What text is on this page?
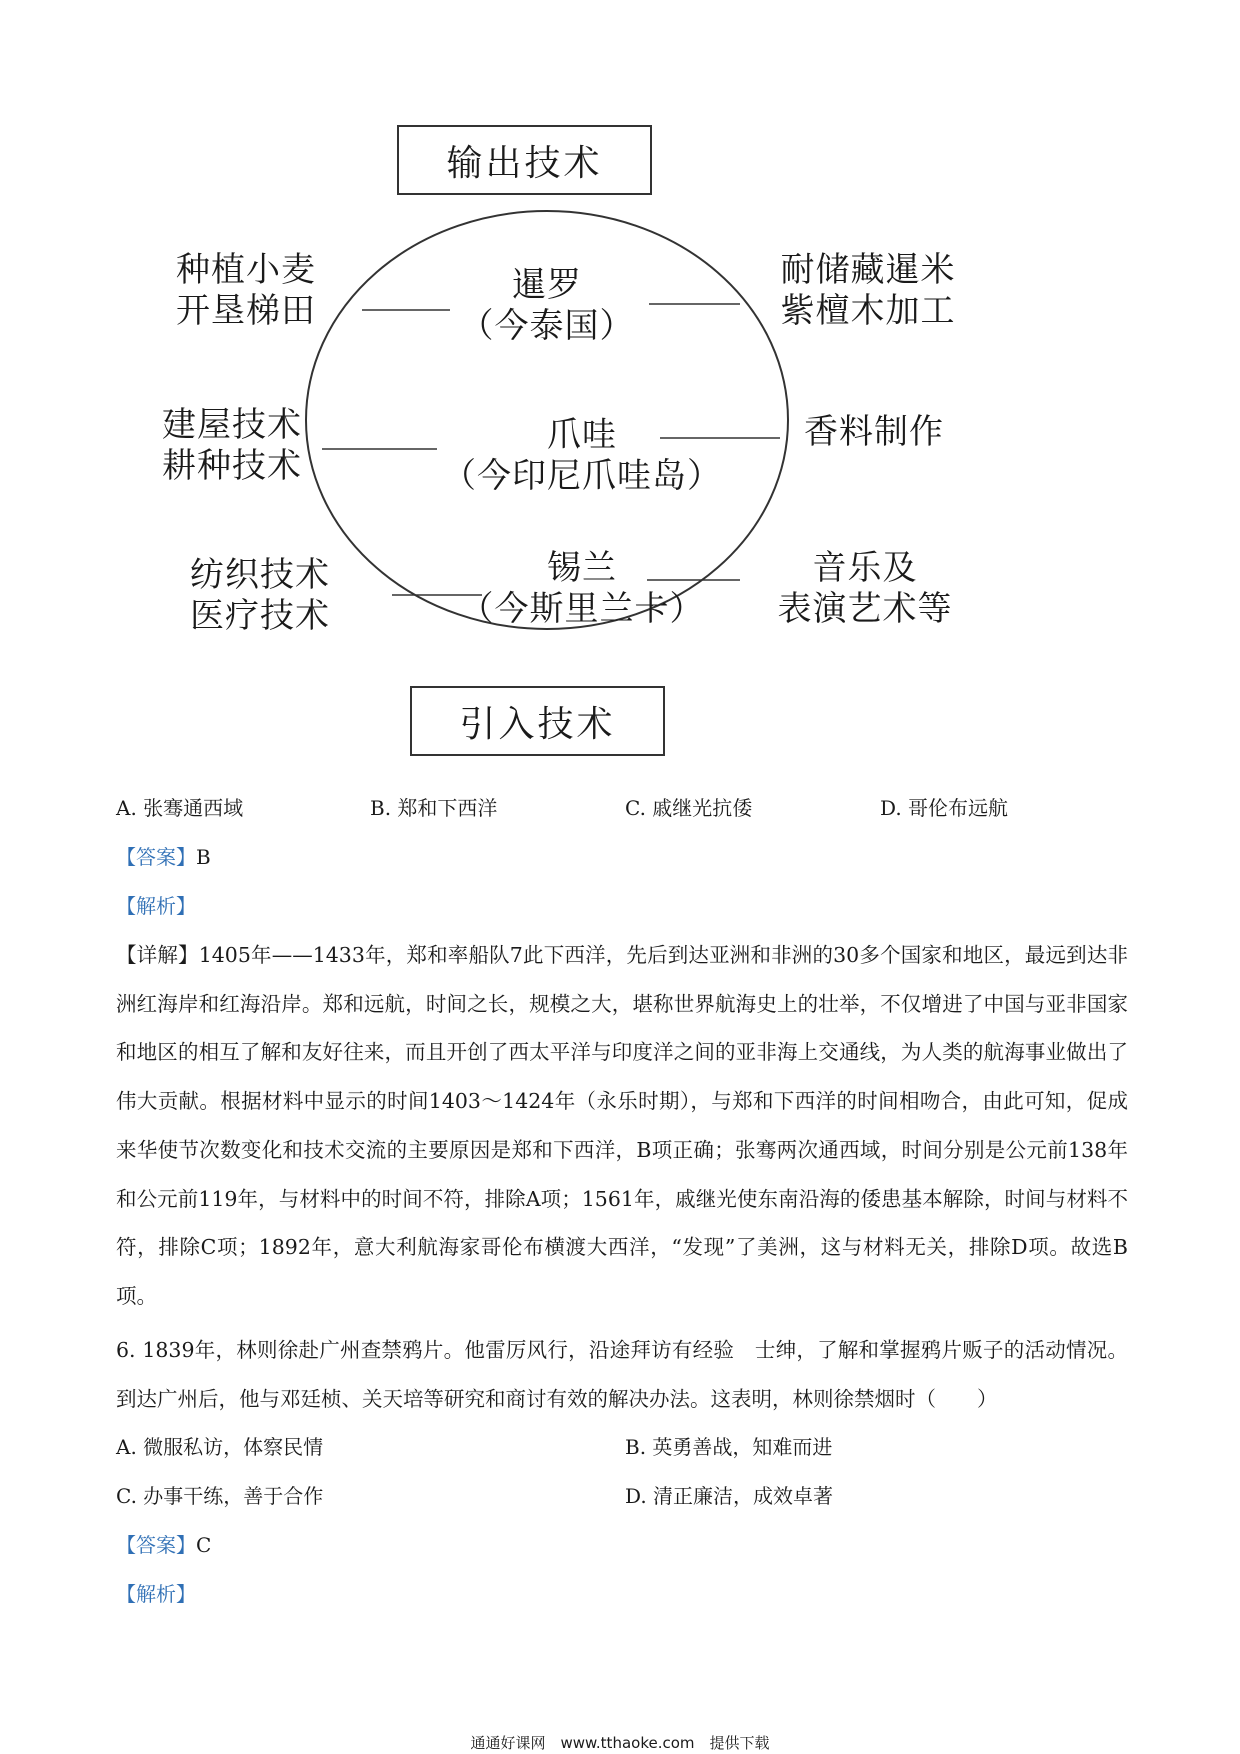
输出技术
引入技术
暹罗
（今泰国）
爪哇
（今印尼爪哇岛）
锡兰
（今斯里兰卡）
种植小麦
开垦梯田
建屋技术
耕种技术
纺织技术
医疗技术
耐储藏暹米
紫檀木加工
香料制作
音乐及
表演艺术等
A. 张骞通西域	B. 郑和下西洋	C. 戚继光抗倭	D. 哥伦布远航
【答案】B
【解析】
【详解】1405年——1433年，郑和率船队7此下西洋，先后到达亚洲和非洲的30多个国家和地区，最远到达非洲红海岸和红海沿岸。郑和远航，时间之长，规模之大，堪称世界航海史上的壮举，不仅增进了中国与亚非国家和地区的相互了解和友好往来，而且开创了西太平洋与印度洋之间的亚非海上交通线，为人类的航海事业做出了伟大贡献。根据材料中显示的时间1403～1424年（永乐时期），与郑和下西洋的时间相吻合，由此可知，促成来华使节次数变化和技术交流的主要原因是郑和下西洋，B项正确；张骞两次通西域，时间分别是公元前138年和公元前119年，与材料中的时间不符，排除A项；1561年，戚继光使东南沿海的倭患基本解除，时间与材料不符，排除C项；1892年，意大利航海家哥伦布横渡大西洋，“发现”了美洲，这与材料无关，排除D项。故选B项。
6. 1839年，林则徐赴广州查禁鸦片。他雷厉风行，沿途拜访有经验　士绅，了解和掌握鸦片贩子的活动情况。到达广州后，他与邓廷桢、关天培等研究和商讨有效的解决办法。这表明，林则徐禁烟时（　　）
A. 微服私访，体察民情	B. 英勇善战，知难而进
C. 办事干练，善于合作	D. 清正廉洁，成效卓著
【答案】C
【解析】
通通好课网　www.tthaoke.com　提供下载
